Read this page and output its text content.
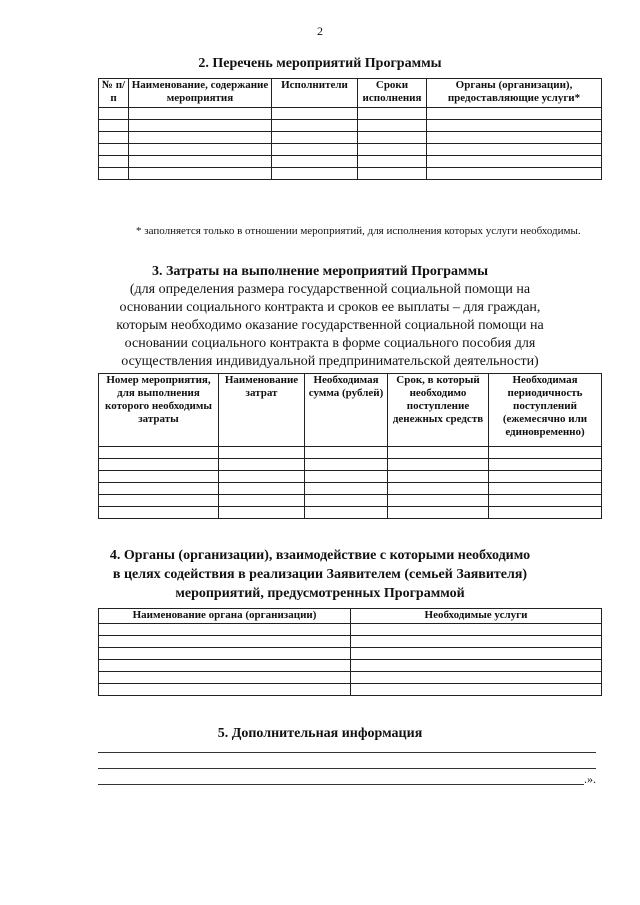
2
2. Перечень мероприятий Программы
№ п/п	Наименование, содержание мероприятия	Исполнители	Сроки исполнения	Органы (организации), предоставляющие услуги*

* заполняется только в отношении мероприятий, для исполнения которых услуги необходимы.
3. Затраты на выполнение мероприятий Программы
(для определения размера государственной социальной помощи на основании социального контракта и сроков ее выплаты – для граждан, которым необходимо оказание государственной социальной помощи на основании социального контракта в форме социального пособия для осуществления индивидуальной предпринимательской деятельности)
Номер мероприятия, для выполнения которого необходимы затраты	Наименование затрат	Необходимая сумма (рублей)	Срок, в который необходимо поступление денежных средств	Необходимая периодичность поступлений (ежемесячно или единовременно)

4. Органы (организации), взаимодействие с которыми необходимо
в целях содействия в реализации Заявителем (семьей Заявителя)
мероприятий, предусмотренных Программой
Наименование органа (организации)	Необходимые услуги

5. Дополнительная информация
.».
